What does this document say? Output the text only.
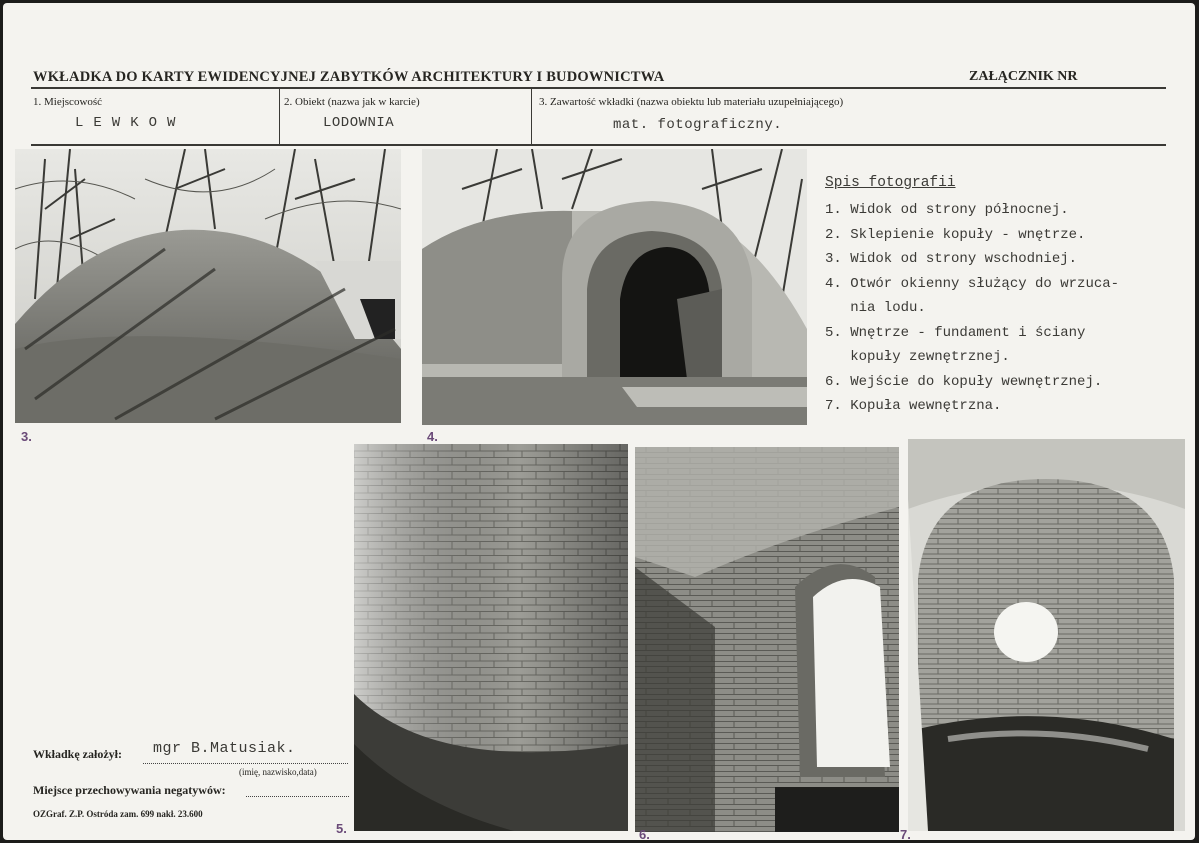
WKŁADKA DO KARTY EWIDENCYJNEJ ZABYTKÓW ARCHITEKTURY I BUDOWNICTWA	ZAŁĄCZNIK NR
1. Miejscowość
LEWKOW
2. Obiekt (nazwa jak w karcie)
LODOWNIA
3. Zawartość wkładki (nazwa obiektu lub materiału uzupełniającego)
mat. fotograficzny.
3.	4.
Spis fotografii
1. Widok od strony północnej.
2. Sklepienie kopuły - wnętrze.
3. Widok od strony wschodniej.
4. Otwór okienny służący do wrzuca-
nia lodu.
5. Wnętrze - fundament i ściany
kopuły zewnętrznej.
6. Wejście do kopuły wewnętrznej.
7. Kopuła wewnętrzna.
5.	6.	7.
Wkładkę założył: mgr B.Matusiak.
(imię, nazwisko,data)
Miejsce przechowywania negatywów:
OZGraf. Z.P. Ostróda zam. 699 nakł. 23.600
